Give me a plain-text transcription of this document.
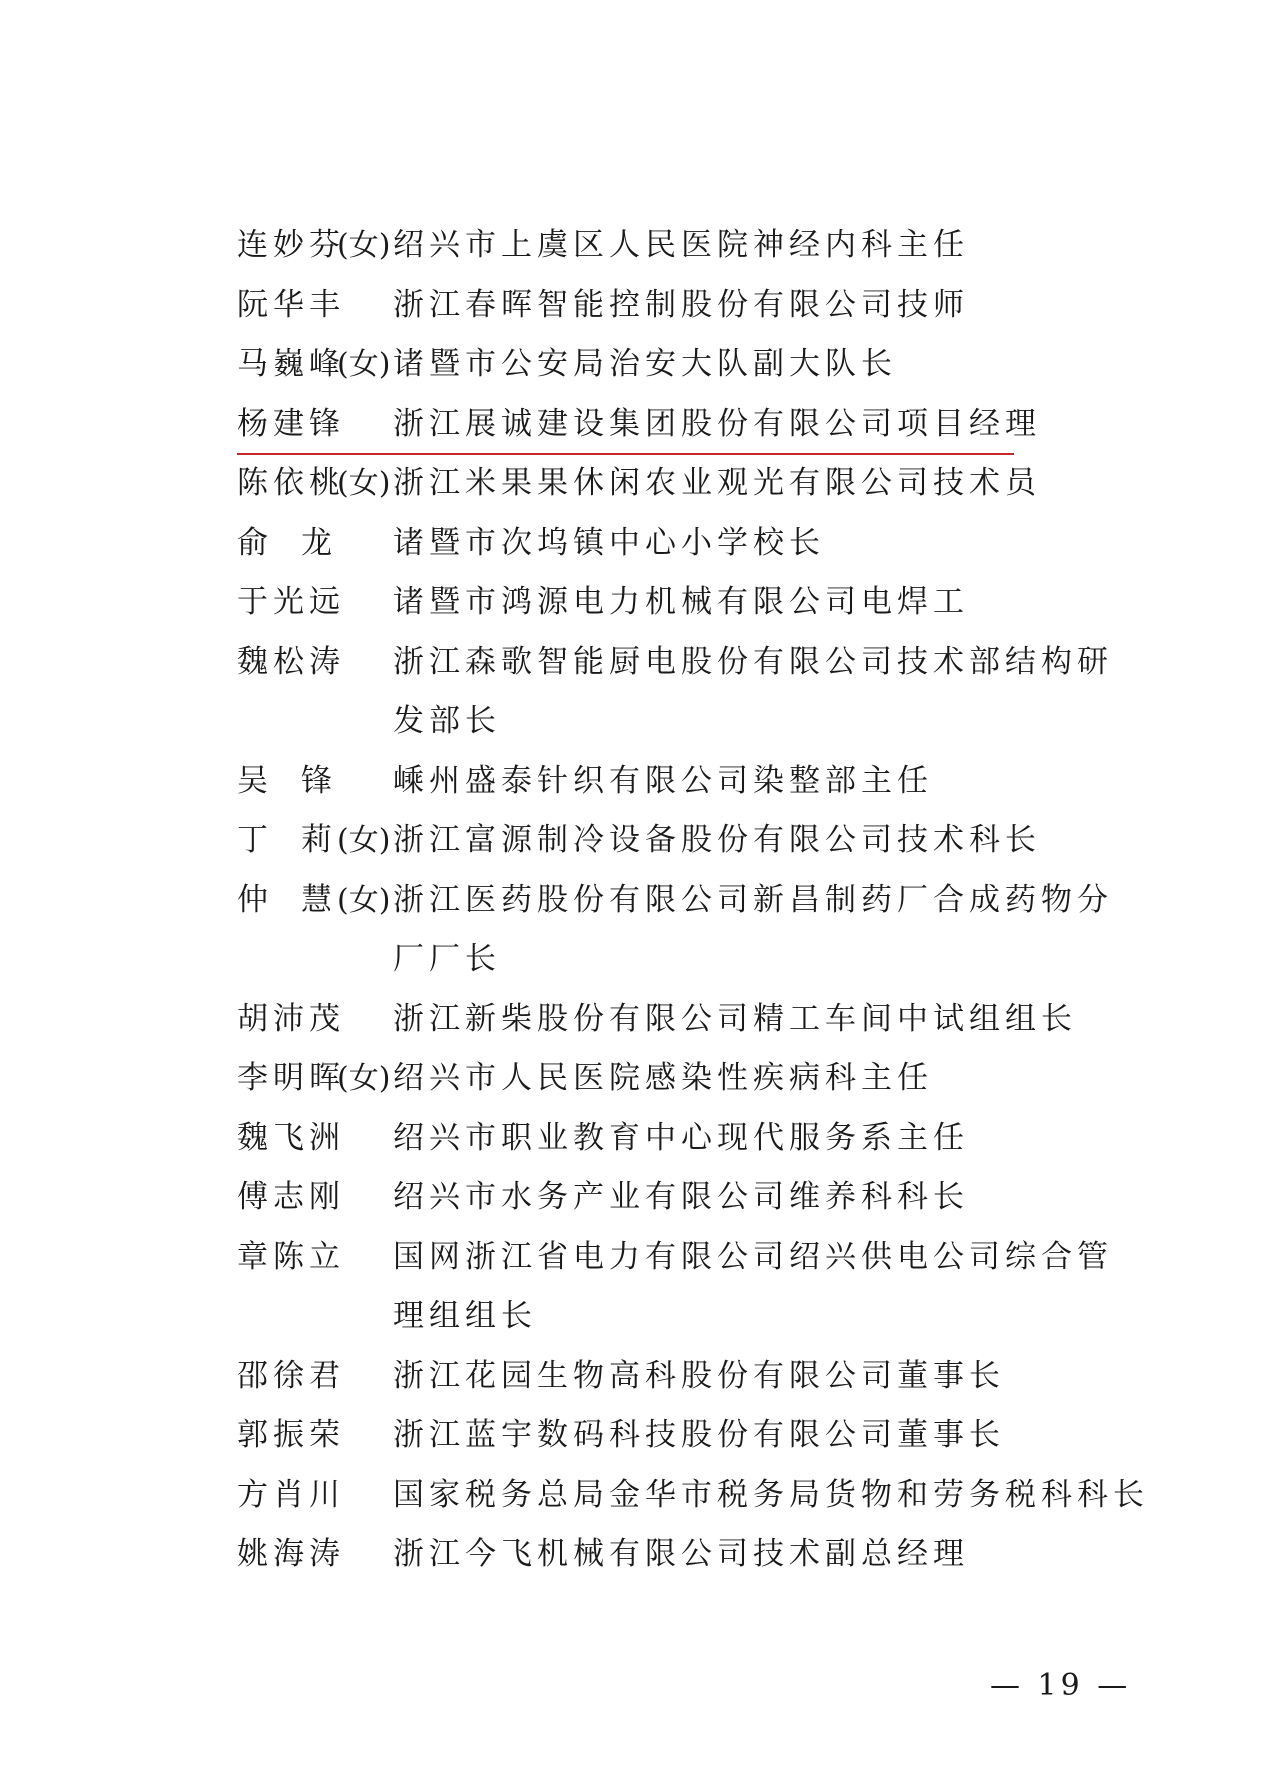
连妙芬
(女) 绍兴市上虞区人民医院神经内科主任
阮华丰 浙江春晖智能控制股份有限公司技师
马巍峰
(女) 诸暨市公安局治安大队副大队长
杨建锋 浙江展诚建设集团股份有限公司项目经理
陈依桃
(女) 浙江米果果休闲农业观光有限公司技术员
俞龙 诸暨市次坞镇中心小学校长
于光远 诸暨市鸿源电力机械有限公司电焊工
魏松涛 浙江森歌智能厨电股份有限公司技术部结构研发部长
吴锋 嵊州盛泰针织有限公司染整部主任
丁莉 (女) 浙江富源制冷设备股份有限公司技术科长
仲慧 (女) 浙江医药股份有限公司新昌制药厂合成药物分厂厂长
胡沛茂 浙江新柴股份有限公司精工车间中试组组长
李明晖
(女) 绍兴市人民医院感染性疾病科主任
魏飞洲 绍兴市职业教育中心现代服务系主任
傅志刚 绍兴市水务产业有限公司维养科科长
章陈立 国网浙江省电力有限公司绍兴供电公司综合管理组组长
邵徐君 浙江花园生物高科股份有限公司董事长
郭振荣 浙江蓝宇数码科技股份有限公司董事长
方肖川 国家税务总局金华市税务局货物和劳务税科科长
姚海涛 浙江今飞机械有限公司技术副总经理
— 19 —
